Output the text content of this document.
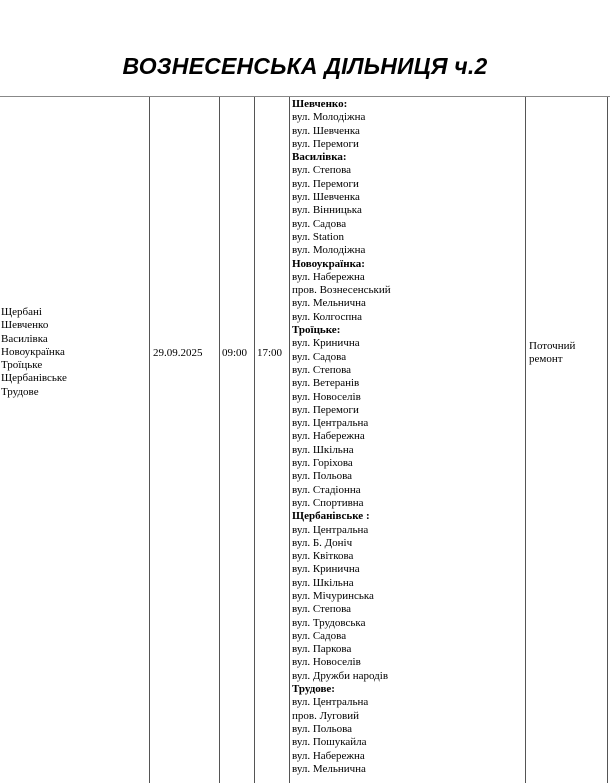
ВОЗНЕСЕНСЬКА ДІЛЬНИЦЯ ч.2
Щербані
Шевченко
Василівка
Новоукраїнка
Троїцьке
Щербанівське
Трудове
29.09.2025 09:00 17:00
Шевченко:
вул. Молодіжна
вул. Шевченка
вул. Перемоги
Василівка:
вул. Степова
вул. Перемоги
вул. Шевченка
вул. Вінницька
вул. Садова
вул. Station
вул. Молодіжна
Новоукраїнка:
вул. Набережна
пров. Вознесенський
вул. Мельнична
вул. Колгоспна
Троїцьке:
вул. Кринична
вул. Садова
вул. Степова
вул. Ветеранів
вул. Новоселів
вул. Перемоги
вул. Центральна
вул. Набережна
вул. Шкільна
вул. Горіхова
вул. Польова
вул. Стадіонна
вул. Спортивна
Щербанівське :
вул. Центральна
вул. Б. Доніч
вул. Квіткова
вул. Кринична
вул. Шкільна
вул. Мічуринська
вул. Степова
вул. Трудовська
вул. Садова
вул. Паркова
вул. Новоселів
вул. Дружби народів
Трудове:
вул. Центральна
пров. Луговий
вул. Польова
вул. Пошукайла
вул. Набережна
вул. Мельнична
Поточний ремонт
